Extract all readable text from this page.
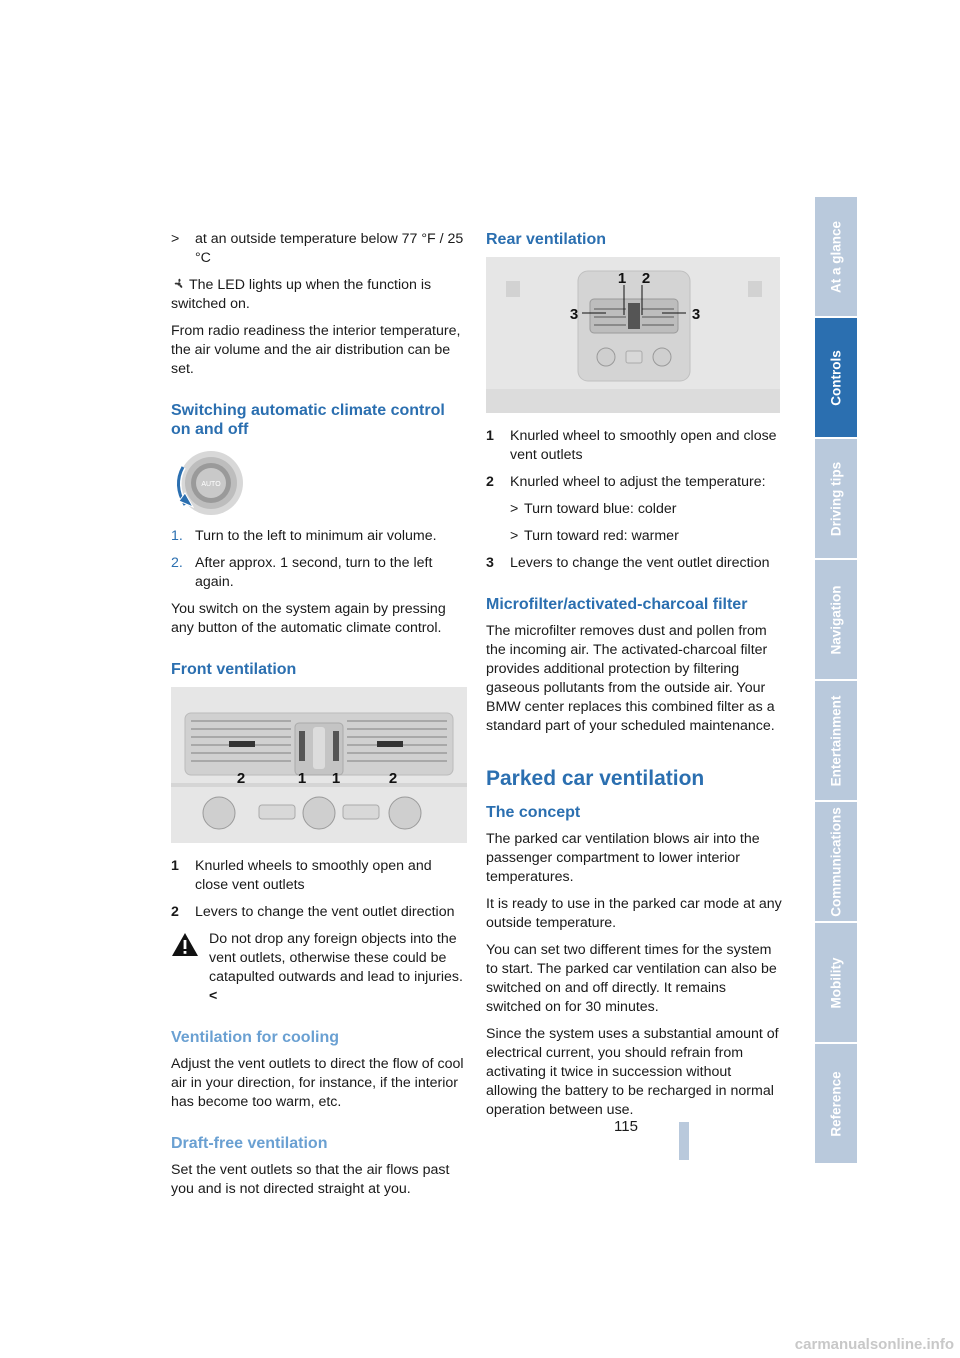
>	at an outside temperature below 77 °F / 25 °C

The LED lights up when the function is switched on.

From radio readiness the interior temperature, the air volume and the air distribution can be set.

Switching automatic climate control on and off
AUTO
1. Turn to the left to minimum air volume.
2. After approx. 1 second, turn to the left again.

You switch on the system again by pressing any button of the automatic climate control.

Front ventilation
2	1 1	2
1	Knurled wheels to smoothly open and close vent outlets
2	Levers to change the vent outlet direction
Do not drop any foreign objects into the vent outlets, otherwise these could be catapulted outwards and lead to injuries.<
Ventilation for cooling

Adjust the vent outlets to direct the flow of cool air in your direction, for instance, if the interior has become too warm, etc.

Draft-free ventilation

Set the vent outlets so that the air flows past you and is not directed straight at you.

Rear ventilation
1 2
3	3
1	Knurled wheel to smoothly open and close vent outlets
2	Knurled wheel to adjust the temperature:
> Turn toward blue: colder
> Turn toward red: warmer
3	Levers to change the vent outlet direction
Microfilter/activated-charcoal filter

The microfilter removes dust and pollen from the incoming air. The activated-charcoal filter provides additional protection by filtering gaseous pollutants from the outside air. Your BMW center replaces this combined filter as a standard part of your scheduled maintenance.

Parked car ventilation
The concept

The parked car ventilation blows air into the passenger compartment to lower interior temperatures.

It is ready to use in the parked car mode at any outside temperature.

You can set two different times for the system to start. The parked car ventilation can also be switched on and off directly. It remains switched on for 30 minutes.

Since the system uses a substantial amount of electrical current, you should refrain from activating it twice in succession without allowing the battery to be recharged in normal operation between use.

At a glance
Controls
Driving tips
Navigation
Entertainment
Communications
Mobility
Reference
115
carmanualsonline.info
